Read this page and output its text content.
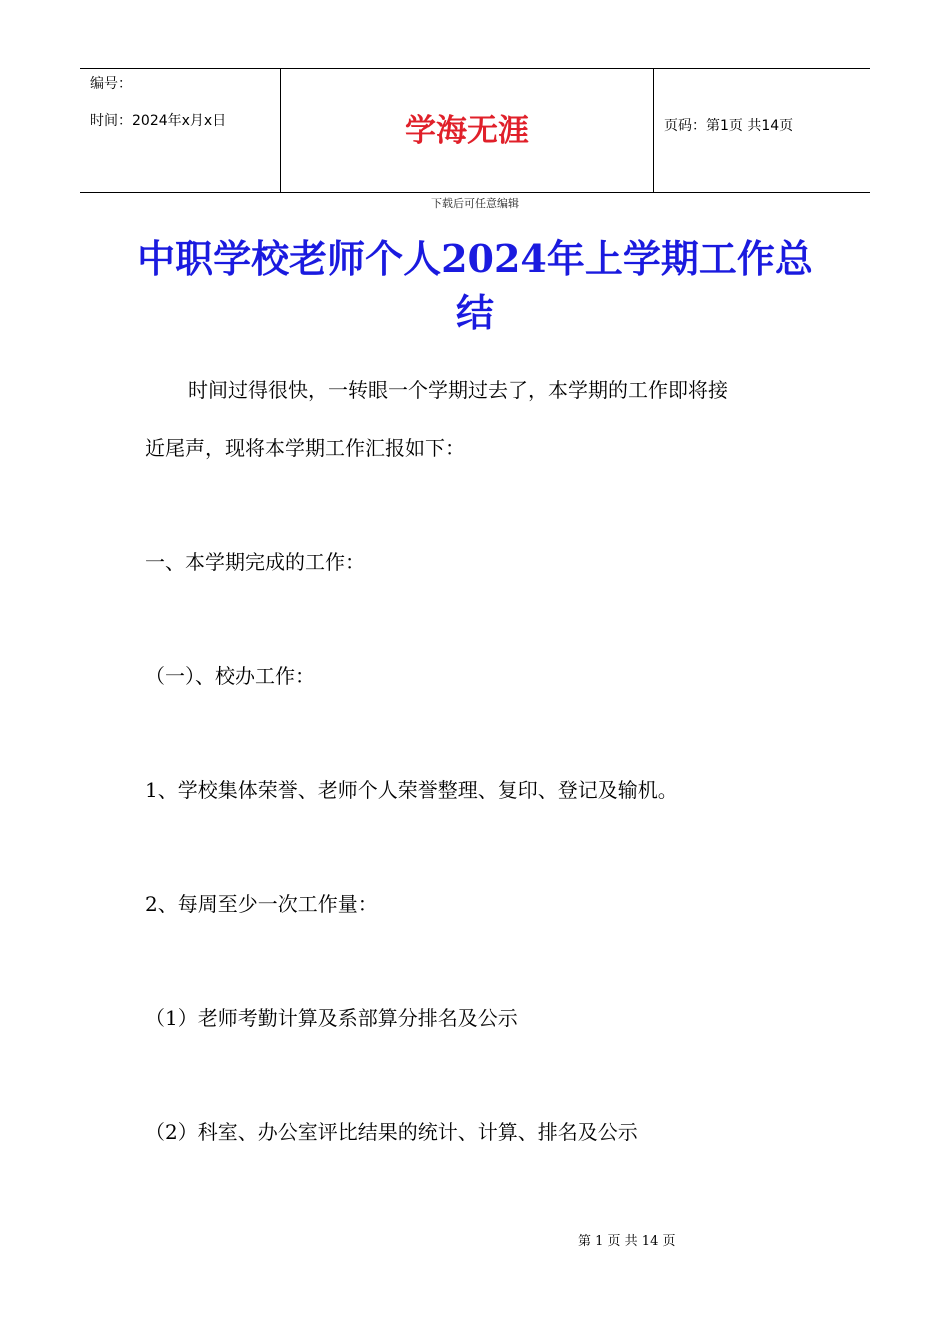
编号：
时间：2024年x月x日	学海无涯	页码：第1页 共14页
下载后可任意编辑
中职学校老师个人2024年上学期工作总结
时间过得很快，一转眼一个学期过去了，本学期的工作即将接
近尾声，现将本学期工作汇报如下：
一、本学期完成的工作：
（一）、校办工作：
1、学校集体荣誉、老师个人荣誉整理、复印、登记及输机。
2、每周至少一次工作量：
（1）老师考勤计算及系部算分排名及公示
（2）科室、办公室评比结果的统计、计算、排名及公示
第 1 页 共 14 页
